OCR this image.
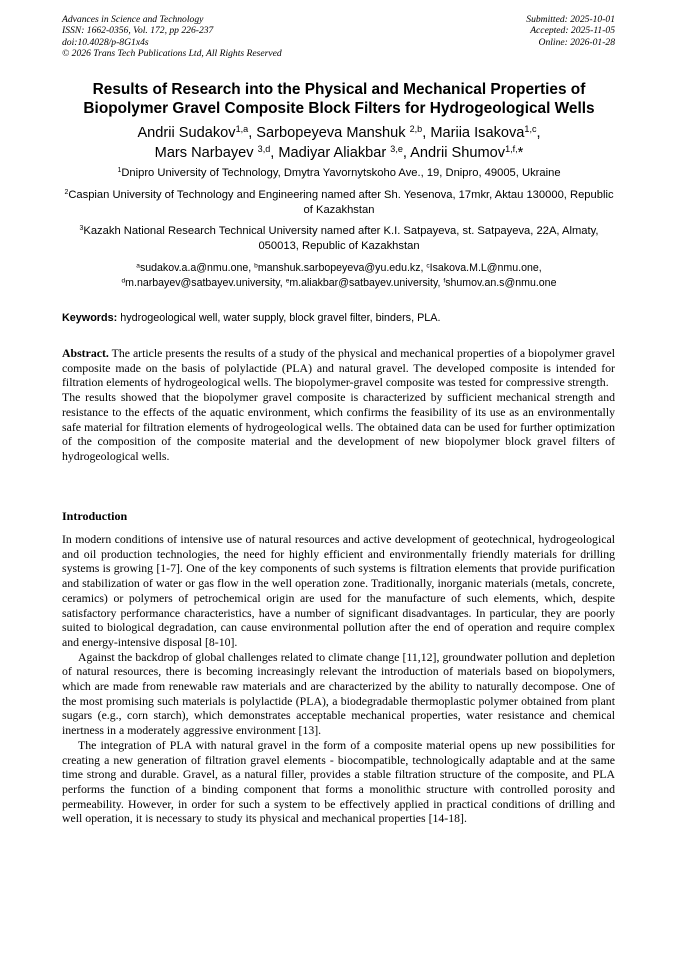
Advances in Science and Technology
ISSN: 1662-0356, Vol. 172, pp 226-237
doi:10.4028/p-8G1x4s
© 2026 Trans Tech Publications Ltd, All Rights Reserved
Submitted: 2025-10-01
Accepted: 2025-11-05
Online: 2026-01-28
Results of Research into the Physical and Mechanical Properties of
Biopolymer Gravel Composite Block Filters for Hydrogeological Wells
Andrii Sudakov$^{1,a}$, Sarbopeyeva Manshuk $^{2,b}$, Mariia Isakova$^{1,c}$,
Mars Narbayev $^{3,d}$, Madiyar Aliakbar $^{3,e}$, Andrii Shumov$^{1,f,}$*
$^1$Dnipro University of Technology, Dmytra Yavornytskoho Ave., 19, Dnipro, 49005, Ukraine
$^2$Caspian University of Technology and Engineering named after Sh. Yesenova, 17mkr, Aktau 130000, Republic of Kazakhstan
$^3$Kazakh National Research Technical University named after K.I. Satpayeva, st. Satpayeva, 22A, Almaty, 050013, Republic of Kazakhstan
$^a$sudakov.a.a@nmu.one, $^b$manshuk.sarbopeyeva@yu.edu.kz, $^c$Isakova.M.L@nmu.one,
$^d$m.narbayev@satbayev.university, $^e$m.aliakbar@satbayev.university, $^f$shumov.an.s@nmu.one
Keywords: hydrogeological well, water supply, block gravel filter, binders, PLA.

Abstract. The article presents the results of a study of the physical and mechanical properties of a biopolymer gravel composite made on the basis of polylactide (PLA) and natural gravel. The developed composite is intended for filtration elements of hydrogeological wells. The biopolymer-gravel composite was tested for compressive strength.

The results showed that the biopolymer gravel composite is characterized by sufficient mechanical strength and resistance to the effects of the aquatic environment, which confirms the feasibility of its use as an environmentally safe material for filtration elements of hydrogeological wells. The obtained data can be used for further optimization of the composition of the composite material and the development of new biopolymer block gravel filters of hydrogeological wells.

Introduction

In modern conditions of intensive use of natural resources and active development of geotechnical, hydrogeological and oil production technologies, the need for highly efficient and environmentally friendly materials for drilling systems is growing [1-7]. One of the key components of such systems is filtration elements that provide purification and stabilization of water or gas flow in the well operation zone. Traditionally, inorganic materials (metals, concrete, ceramics) or polymers of petrochemical origin are used for the manufacture of such elements, which, despite satisfactory performance characteristics, have a number of significant disadvantages. In particular, they are poorly suited to biological degradation, can cause environmental pollution after the end of operation and require complex and energy-intensive disposal [8-10].

Against the backdrop of global challenges related to climate change [11,12], groundwater pollution and depletion of natural resources, there is becoming increasingly relevant the introduction of materials based on biopolymers, which are made from renewable raw materials and are characterized by the ability to naturally decompose. One of the most promising such materials is polylactide (PLA), a biodegradable thermoplastic polymer obtained from plant sugars (e.g., corn starch), which demonstrates acceptable mechanical properties, water resistance and chemical inertness in a moderately aggressive environment [13].

The integration of PLA with natural gravel in the form of a composite material opens up new possibilities for creating a new generation of filtration gravel elements - biocompatible, technologically adaptable and at the same time strong and durable. Gravel, as a natural filler, provides a stable filtration structure of the composite, and PLA performs the function of a binding component that forms a monolithic structure with controlled porosity and permeability. However, in order for such a system to be effectively applied in practical conditions of drilling and well operation, it is necessary to study its physical and mechanical properties [14-18].
